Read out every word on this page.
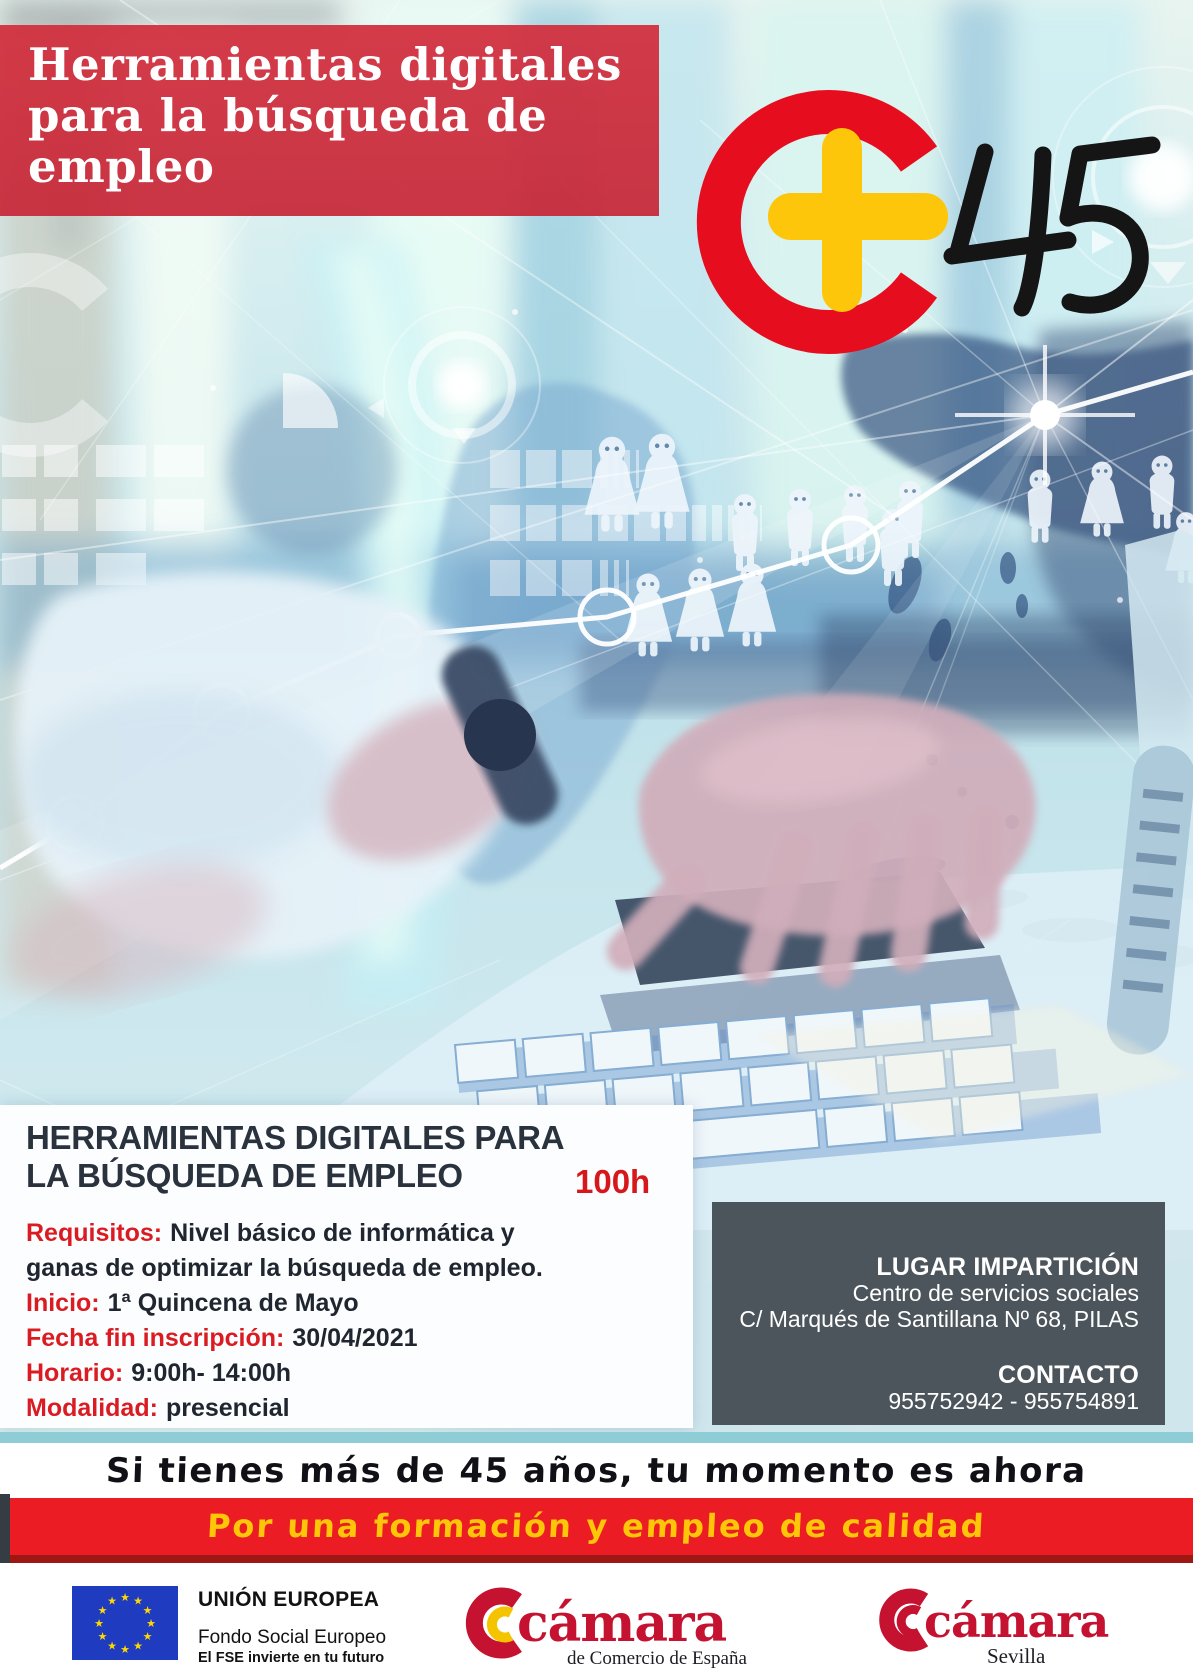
Herramientas digitales
para la búsqueda de
empleo
HERRAMIENTAS DIGITALES PARA LA BÚSQUEDA DE EMPLEO	100h
Requisitos: Nivel básico de informática y
ganas de optimizar la búsqueda de empleo.
Inicio: 1ª Quincena de Mayo
Fecha fin inscripción: 30/04/2021
Horario: 9:00h- 14:00h
Modalidad: presencial
LUGAR IMPARTICIÓN
Centro de servicios sociales
C/ Marqués de Santillana Nº 68, PILAS
CONTACTO
955752942 - 955754891
Si tienes más de 45 años, tu momento es ahora
Por una formación y empleo de calidad
★
★
★
★
★
★
★
★
★ ★ ★
★ UNIÓN EUROPEA
Fondo Social Europeo
El FSE invierte en tu futuro
cámara
de Comercio de España
cámara
Sevilla
